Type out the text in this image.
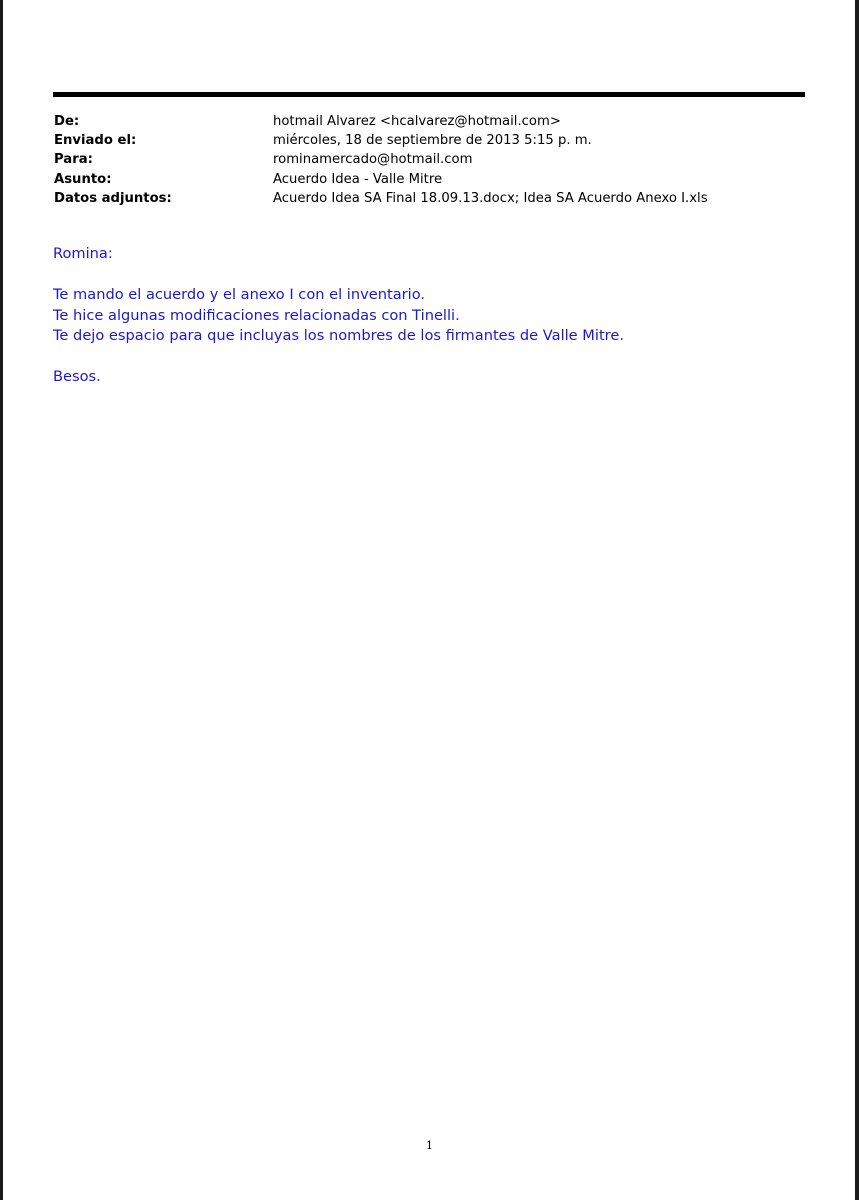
De:	hotmail Alvarez <hcalvarez@hotmail.com>
Enviado el:	miércoles, 18 de septiembre de 2013 5:15 p. m.
Para:	rominamercado@hotmail.com
Asunto:	Acuerdo Idea - Valle Mitre
Datos adjuntos:	Acuerdo Idea SA Final 18.09.13.docx; Idea SA Acuerdo Anexo I.xls
Romina:
Te mando el acuerdo y el anexo I con el inventario.
Te hice algunas modificaciones relacionadas con Tinelli.
Te dejo espacio para que incluyas los nombres de los firmantes de Valle Mitre.
Besos.
1
